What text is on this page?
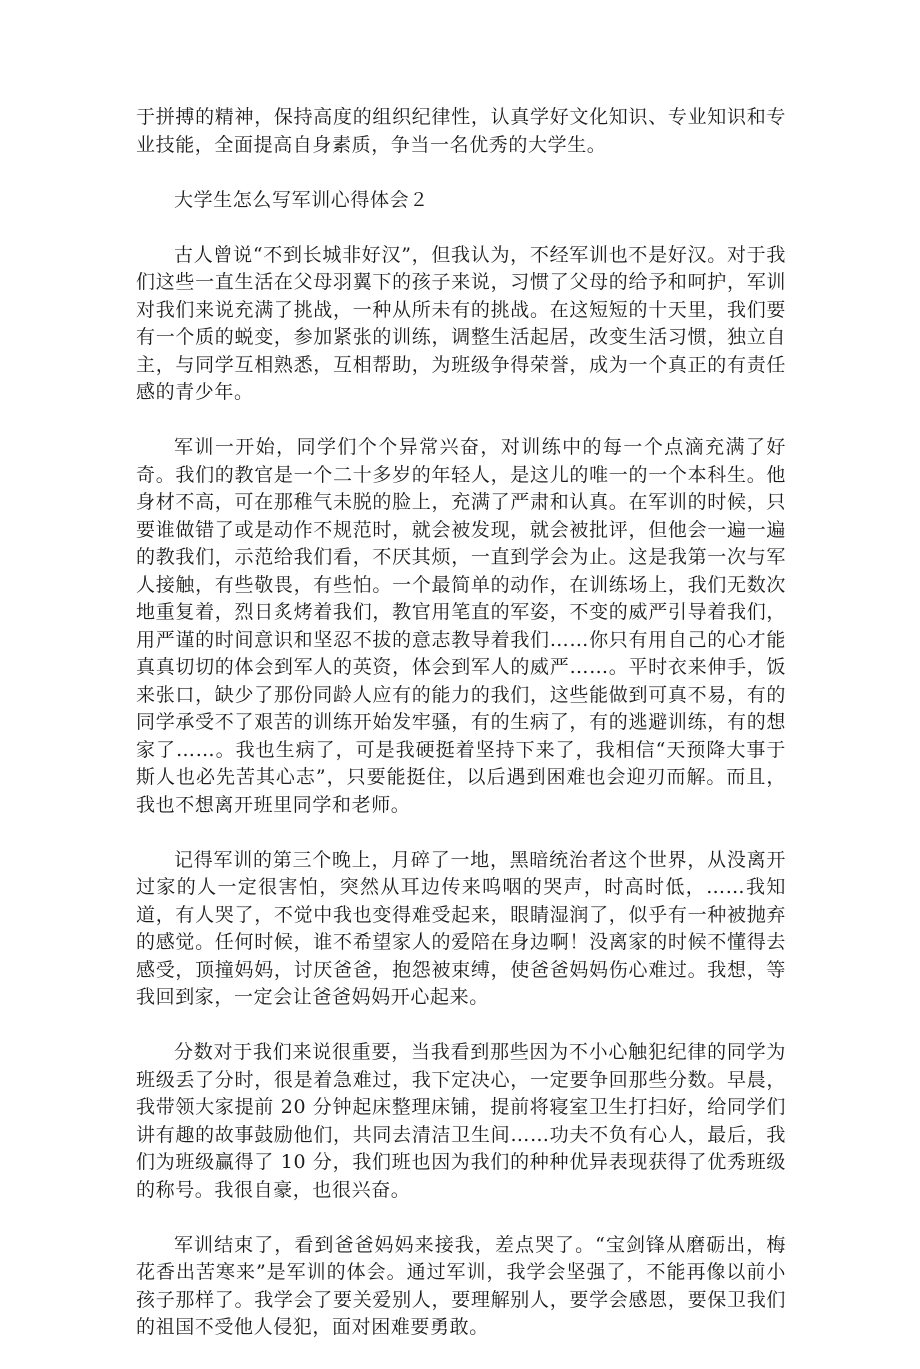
于拼搏的精神，保持高度的组织纪律性，认真学好文化知识、专业知识和专业技能，全面提高自身素质，争当一名优秀的大学生。

大学生怎么写军训心得体会２

古人曾说“不到长城非好汉”，但我认为，不经军训也不是好汉。对于我们这些一直生活在父母羽翼下的孩子来说，习惯了父母的给予和呵护，军训对我们来说充满了挑战，一种从所未有的挑战。在这短短的十天里，我们要有一个质的蜕变，参加紧张的训练，调整生活起居，改变生活习惯，独立自主，与同学互相熟悉，互相帮助，为班级争得荣誉，成为一个真正的有责任感的青少年。

军训一开始，同学们个个异常兴奋，对训练中的每一个点滴充满了好奇。我们的教官是一个二十多岁的年轻人，是这儿的唯一的一个本科生。他身材不高，可在那稚气未脱的脸上，充满了严肃和认真。在军训的时候，只要谁做错了或是动作不规范时，就会被发现，就会被批评，但他会一遍一遍的教我们，示范给我们看，不厌其烦，一直到学会为止。这是我第一次与军人接触，有些敬畏，有些怕。一个最简单的动作，在训练场上，我们无数次地重复着，烈日炙烤着我们，教官用笔直的军姿，不变的威严引导着我们，用严谨的时间意识和坚忍不拔的意志教导着我们……你只有用自己的心才能真真切切的体会到军人的英资，体会到军人的威严……。平时衣来伸手，饭来张口，缺少了那份同龄人应有的能力的我们，这些能做到可真不易，有的同学承受不了艰苦的训练开始发牢骚，有的生病了，有的逃避训练，有的想家了……。我也生病了，可是我硬挺着坚持下来了，我相信“天预降大事于斯人也必先苦其心志”，只要能挺住，以后遇到困难也会迎刃而解。而且，我也不想离开班里同学和老师。

记得军训的第三个晚上，月碎了一地，黑暗统治者这个世界，从没离开过家的人一定很害怕，突然从耳边传来呜咽的哭声，时高时低，……我知道，有人哭了，不觉中我也变得难受起来，眼睛湿润了，似乎有一种被抛弃的感觉。任何时候，谁不希望家人的爱陪在身边啊！没离家的时候不懂得去感受，顶撞妈妈，讨厌爸爸，抱怨被束缚，使爸爸妈妈伤心难过。我想，等我回到家，一定会让爸爸妈妈开心起来。

分数对于我们来说很重要，当我看到那些因为不小心触犯纪律的同学为班级丢了分时，很是着急难过，我下定决心，一定要争回那些分数。早晨，我带领大家提前 20 分钟起床整理床铺，提前将寝室卫生打扫好，给同学们讲有趣的故事鼓励他们，共同去清洁卫生间……功夫不负有心人，最后，我们为班级赢得了 10 分，我们班也因为我们的种种优异表现获得了优秀班级的称号。我很自豪，也很兴奋。

军训结束了，看到爸爸妈妈来接我，差点哭了。“宝剑锋从磨砺出，梅花香出苦寒来”是军训的体会。通过军训，我学会坚强了，不能再像以前小孩子那样了。我学会了要关爱别人，要理解别人，要学会感恩，要保卫我们的祖国不受他人侵犯，面对困难要勇敢。
